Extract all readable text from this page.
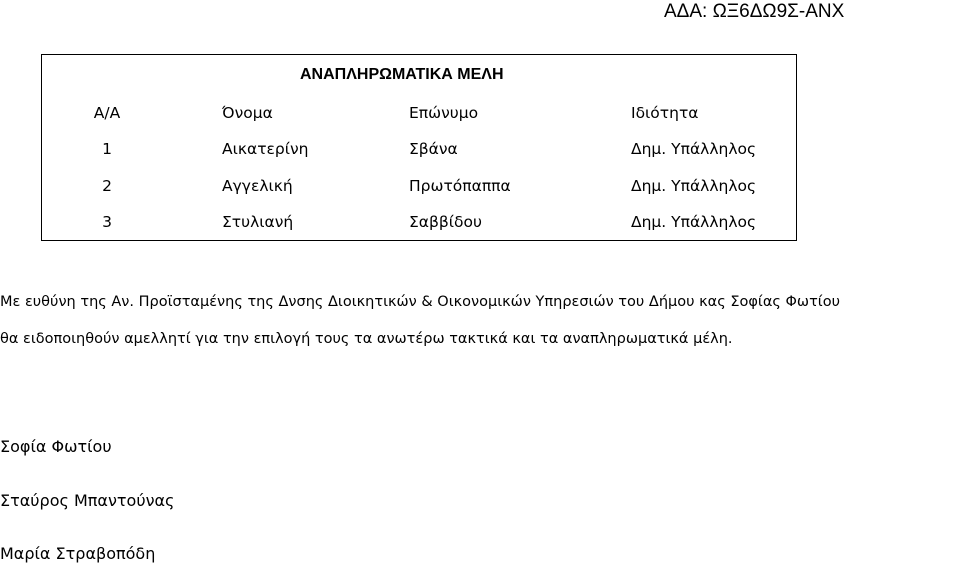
ΑΔΑ: ΩΞ6ΔΩ9Σ-ΑΝΧ
ΑΝΑΠΛΗΡΩΜΑΤΙΚΑ ΜΕΛΗ			
Α/Α	Όνομα	Επώνυμο	Ιδιότητα
1	Αικατερίνη	Σβάνα	Δημ. Υπάλληλος
2	Αγγελική	Πρωτόπαππα	Δημ. Υπάλληλος
3	Στυλιανή	Σαββίδου	Δημ. Υπάλληλος
Με ευθύνη της Αν. Προϊσταμένης της Δνσης Διοικητικών & Οικονομικών Υπηρεσιών του Δήμου κας Σοφίας Φωτίου
θα ειδοποιηθούν αμελλητί για την επιλογή τους τα ανωτέρω τακτικά και τα αναπληρωματικά μέλη.
Σοφία Φωτίου
Σταύρος Μπαντούνας
Μαρία Στραβοπόδη
